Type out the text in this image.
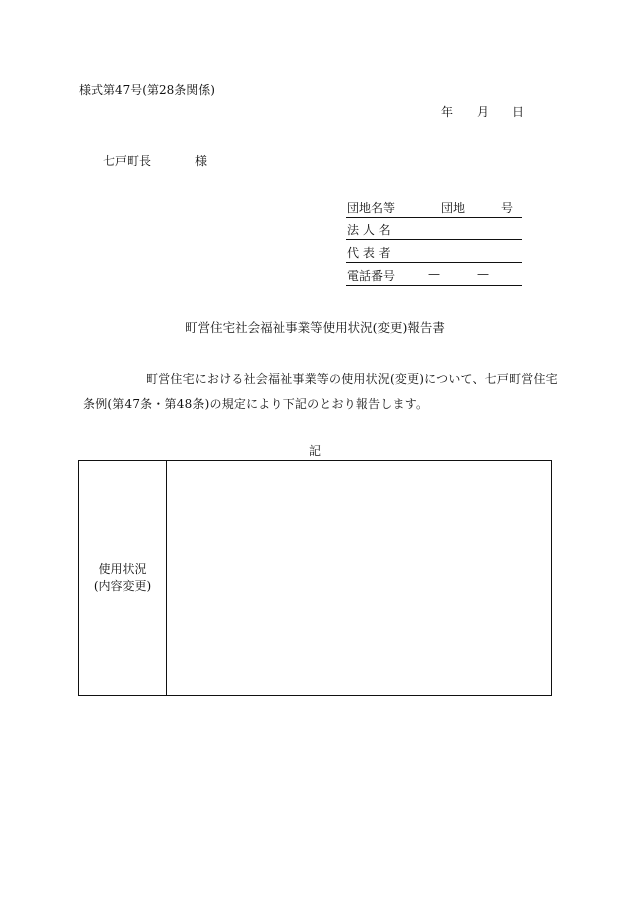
様式第47号(第28条関係)
年 月 日
七戸町長	様
団地名等	団地	号
法 人 名
代 表 者
電話番号	—	—
町営住宅社会福祉事業等使用状況(変更)報告書
町営住宅における社会福祉事業等の使用状況(変更)について、七戸町営住宅
条例(第47条・第48条)の規定により下記のとおり報告します。
記
使用状況
(内容変更)
